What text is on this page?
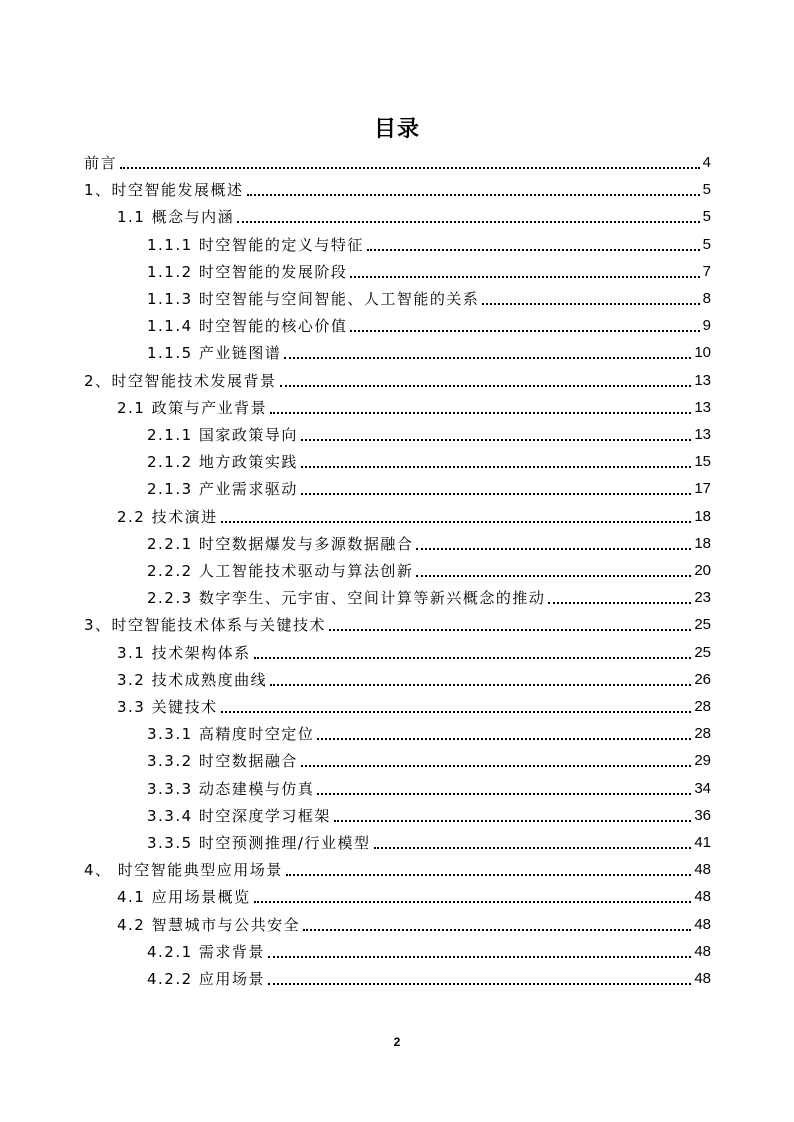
目录
前言	4
1、时空智能发展概述	5
1.1 概念与内涵	5
1.1.1 时空智能的定义与特征	5
1.1.2 时空智能的发展阶段	7
1.1.3 时空智能与空间智能、人工智能的关系	8
1.1.4 时空智能的核心价值	9
1.1.5 产业链图谱	10
2、时空智能技术发展背景	13
2.1 政策与产业背景	13
2.1.1 国家政策导向	13
2.1.2 地方政策实践	15
2.1.3 产业需求驱动	17
2.2 技术演进	18
2.2.1 时空数据爆发与多源数据融合	18
2.2.2 人工智能技术驱动与算法创新	20
2.2.3 数字孪生、元宇宙、空间计算等新兴概念的推动	23
3、时空智能技术体系与关键技术	25
3.1 技术架构体系	25
3.2 技术成熟度曲线	26
3.3 关键技术	28
3.3.1 高精度时空定位	28
3.3.2 时空数据融合	29
3.3.3 动态建模与仿真	34
3.3.4 时空深度学习框架	36
3.3.5 时空预测推理/行业模型	41
4、 时空智能典型应用场景	48
4.1 应用场景概览	48
4.2 智慧城市与公共安全	48
4.2.1 需求背景	48
4.2.2 应用场景	48
2
